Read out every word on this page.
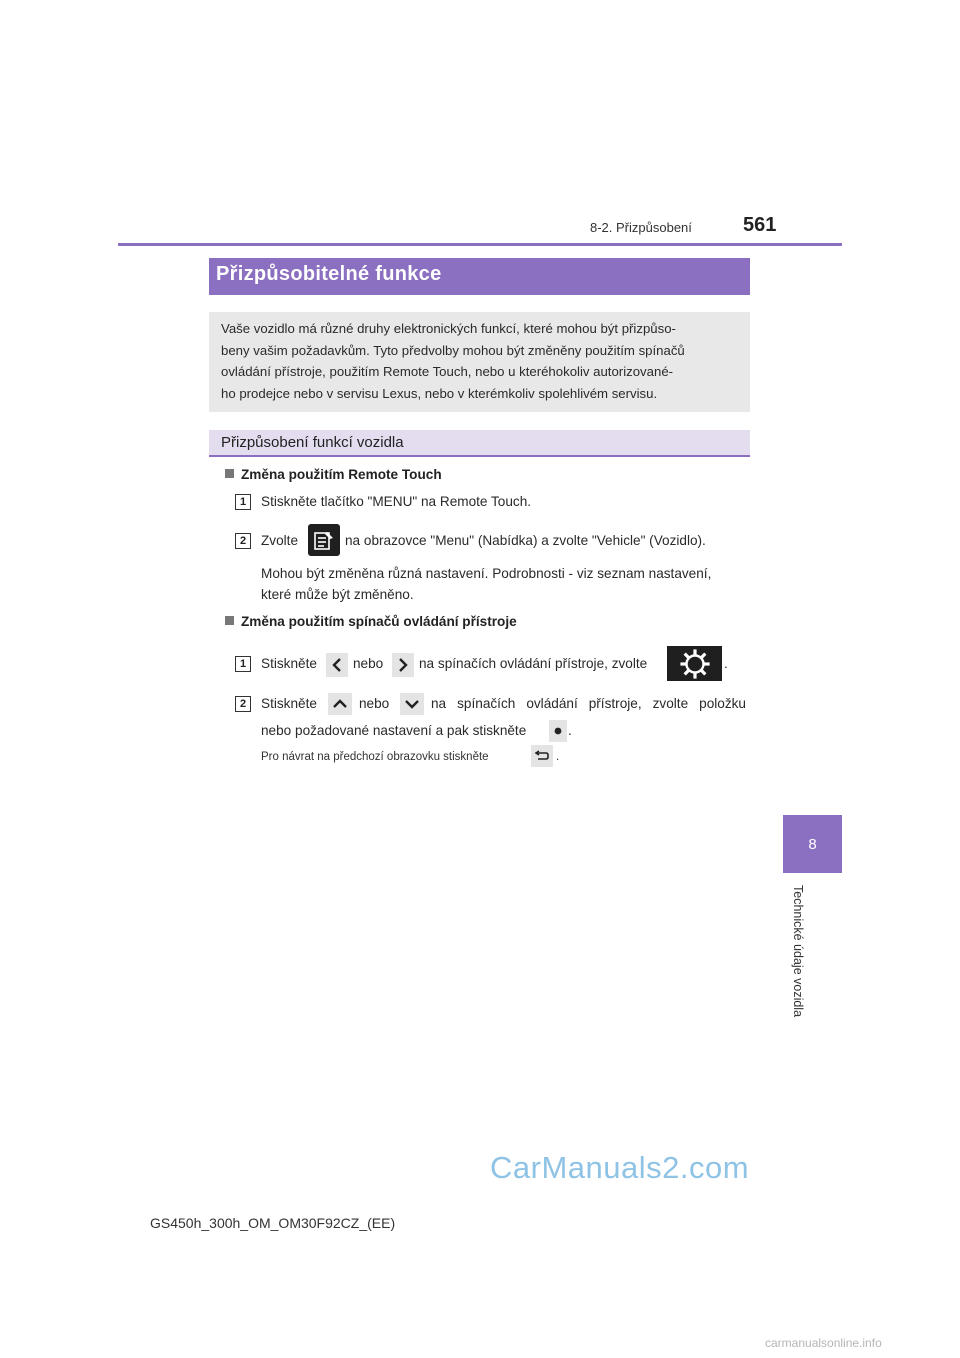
8-2. Přizpůsobení	561
8
Technické údaje vozidla
Přizpůsobitelné funkce
Vaše vozidlo má různé druhy elektronických funkcí, které mohou být přizpůso-
beny vašim požadavkům. Tyto předvolby mohou být změněny použitím spínačů
ovládání přístroje, použitím Remote Touch, nebo u kteréhokoliv autorizované-
ho prodejce nebo v servisu Lexus, nebo v kterémkoliv spolehlivém servisu.
Přizpůsobení funkcí vozidla
Změna použitím Remote Touch
1	Stiskněte tlačítko "MENU" na Remote Touch.
2	Zvolte	na obrazovce "Menu" (Nabídka) a zvolte "Vehicle" (Vozidlo).
Mohou být změněna různá nastavení. Podrobnosti - viz seznam nastavení,
které může být změněno.
Změna použitím spínačů ovládání přístroje
1	Stiskněte	nebo	na spínačích ovládání přístroje, zvolte	.
2	Stiskněte	nebo	na spínačích ovládání přístroje, zvolte položku
nebo požadované nastavení a pak stiskněte	.
Pro návrat na předchozí obrazovku stiskněte	.
GS450h_300h_OM_OM30F92CZ_(EE)
CarManuals2.com
carmanualsonline.info
